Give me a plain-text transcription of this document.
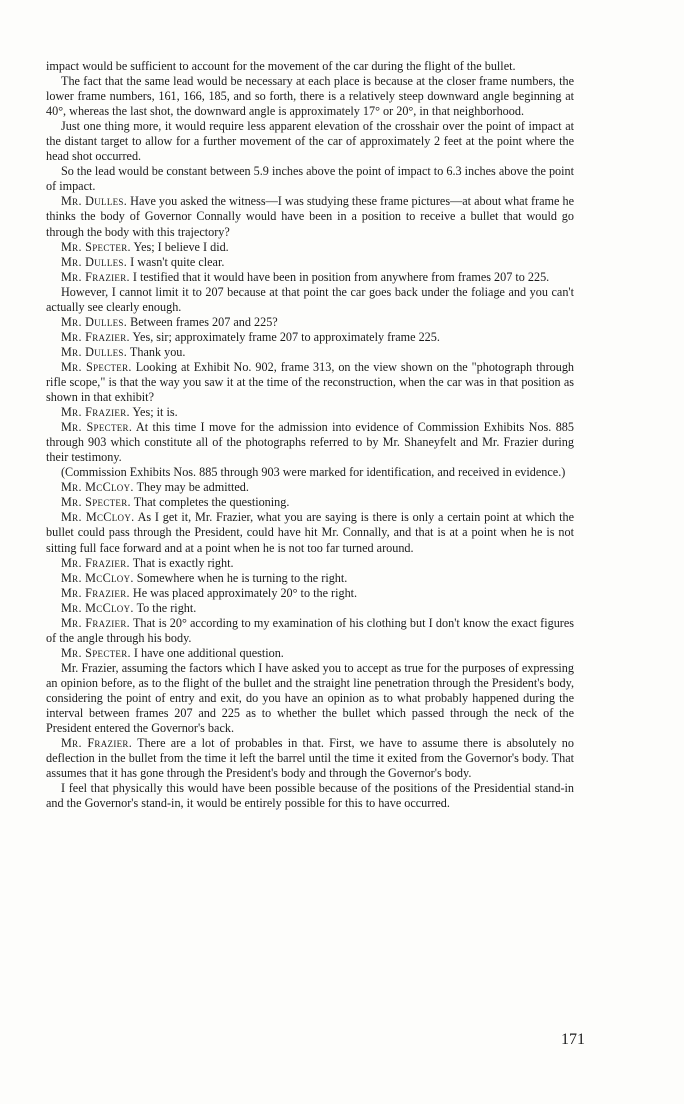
impact would be sufficient to account for the movement of the car during the flight of the bullet.

The fact that the same lead would be necessary at each place is because at the closer frame numbers, the lower frame numbers, 161, 166, 185, and so forth, there is a relatively steep downward angle beginning at 40°, whereas the last shot, the downward angle is approximately 17° or 20°, in that neighborhood.

Just one thing more, it would require less apparent elevation of the crosshair over the point of impact at the distant target to allow for a further movement of the car of approximately 2 feet at the point where the head shot occurred.

So the lead would be constant between 5.9 inches above the point of impact to 6.3 inches above the point of impact.

Mr. Dulles. Have you asked the witness—I was studying these frame pictures—at about what frame he thinks the body of Governor Connally would have been in a position to receive a bullet that would go through the body with this trajectory?

Mr. Specter. Yes; I believe I did.

Mr. Dulles. I wasn't quite clear.

Mr. Frazier. I testified that it would have been in position from anywhere from frames 207 to 225.

However, I cannot limit it to 207 because at that point the car goes back under the foliage and you can't actually see clearly enough.

Mr. Dulles. Between frames 207 and 225?

Mr. Frazier. Yes, sir; approximately frame 207 to approximately frame 225.

Mr. Dulles. Thank you.

Mr. Specter. Looking at Exhibit No. 902, frame 313, on the view shown on the "photograph through rifle scope," is that the way you saw it at the time of the reconstruction, when the car was in that position as shown in that exhibit?

Mr. Frazier. Yes; it is.

Mr. Specter. At this time I move for the admission into evidence of Commission Exhibits Nos. 885 through 903 which constitute all of the photographs referred to by Mr. Shaneyfelt and Mr. Frazier during their testimony.

(Commission Exhibits Nos. 885 through 903 were marked for identification, and received in evidence.)

Mr. McCloy. They may be admitted.

Mr. Specter. That completes the questioning.

Mr. McCloy. As I get it, Mr. Frazier, what you are saying is there is only a certain point at which the bullet could pass through the President, could have hit Mr. Connally, and that is at a point when he is not sitting full face forward and at a point when he is not too far turned around.

Mr. Frazier. That is exactly right.

Mr. McCloy. Somewhere when he is turning to the right.

Mr. Frazier. He was placed approximately 20° to the right.

Mr. McCloy. To the right.

Mr. Frazier. That is 20° according to my examination of his clothing but I don't know the exact figures of the angle through his body.

Mr. Specter. I have one additional question.

Mr. Frazier, assuming the factors which I have asked you to accept as true for the purposes of expressing an opinion before, as to the flight of the bullet and the straight line penetration through the President's body, considering the point of entry and exit, do you have an opinion as to what probably happened during the interval between frames 207 and 225 as to whether the bullet which passed through the neck of the President entered the Governor's back.

Mr. Frazier. There are a lot of probables in that. First, we have to assume there is absolutely no deflection in the bullet from the time it left the barrel until the time it exited from the Governor's body. That assumes that it has gone through the President's body and through the Governor's body.

I feel that physically this would have been possible because of the positions of the Presidential stand-in and the Governor's stand-in, it would be entirely possible for this to have occurred.

171
